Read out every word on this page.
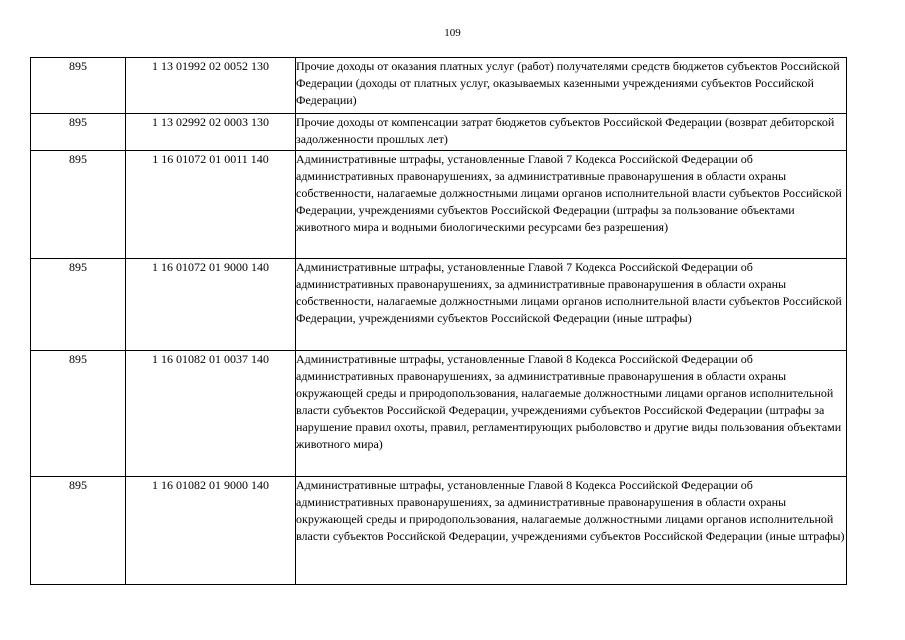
109
895	1 13 01992 02 0052 130	Прочие доходы от оказания платных услуг (работ) получателями средств бюджетов субъектов Российской Федерации (доходы от платных услуг, оказываемых казенными учреждениями субъектов Российской Федерации)
895	1 13 02992 02 0003 130	Прочие доходы от компенсации затрат бюджетов субъектов Российской Федерации (возврат дебиторской задолженности прошлых лет)
895	1 16 01072 01 0011 140	Административные штрафы, установленные Главой 7 Кодекса Российской Федерации об административных правонарушениях, за административные правонарушения в области охраны собственности, налагаемые должностными лицами органов исполнительной власти субъектов Российской Федерации, учреждениями субъектов Российской Федерации (штрафы за пользование объектами животного мира и водными биологическими ресурсами без разрешения)
895	1 16 01072 01 9000 140	Административные штрафы, установленные Главой 7 Кодекса Российской Федерации об административных правонарушениях, за административные правонарушения в области охраны собственности, налагаемые должностными лицами органов исполнительной власти субъектов Российской Федерации, учреждениями субъектов Российской Федерации (иные штрафы)
895	1 16 01082 01 0037 140	Административные штрафы, установленные Главой 8 Кодекса Российской Федерации об административных правонарушениях, за административные правонарушения в области охраны окружающей среды и природопользования, налагаемые должностными лицами органов исполнительной власти субъектов Российской Федерации, учреждениями субъектов Российской Федерации (штрафы за нарушение правил охоты, правил, регламентирующих рыболовство и другие виды пользования объектами животного мира)
895	1 16 01082 01 9000 140	Административные штрафы, установленные Главой 8 Кодекса Российской Федерации об административных правонарушениях, за административные правонарушения в области охраны окружающей среды и природопользования, налагаемые должностными лицами органов исполнительной власти субъектов Российской Федерации, учреждениями субъектов Российской Федерации (иные штрафы)
